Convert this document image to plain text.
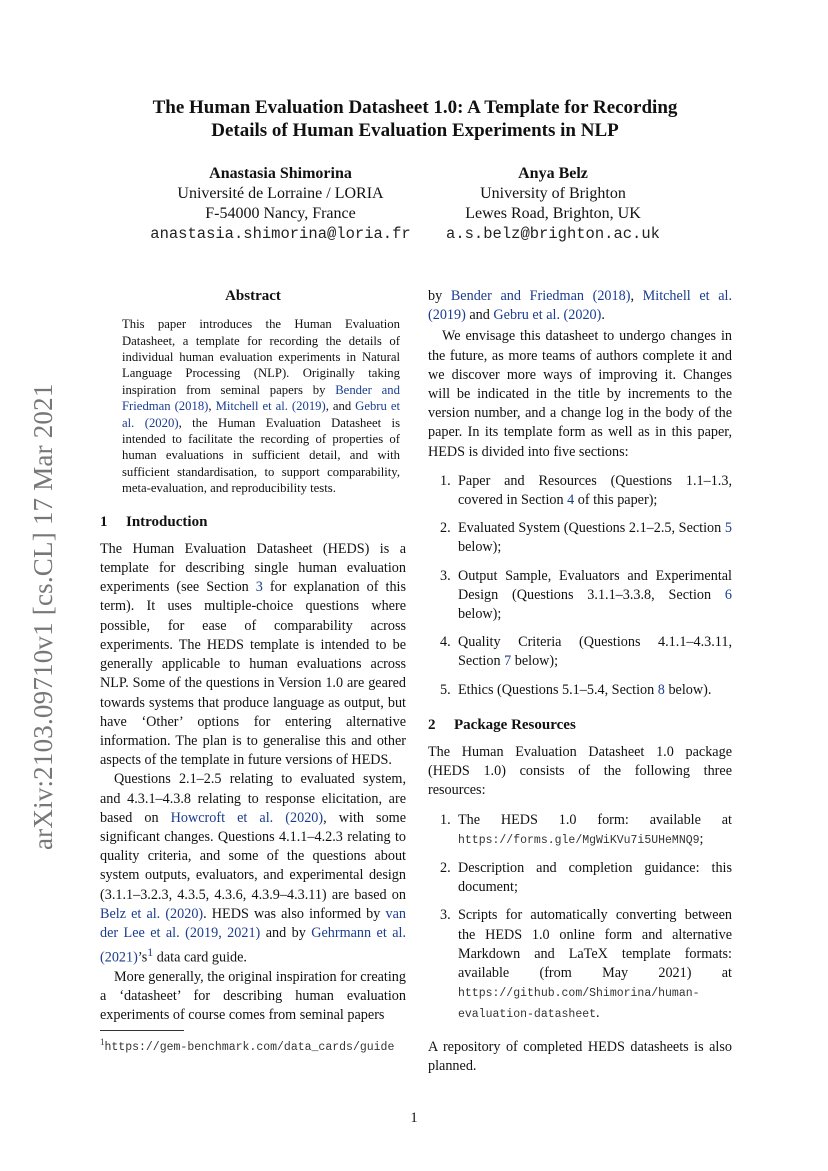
arXiv:2103.09710v1 [cs.CL] 17 Mar 2021
The Human Evaluation Datasheet 1.0: A Template for Recording
Details of Human Evaluation Experiments in NLP
Anastasia Shimorina
Université de Lorraine / LORIA
F-54000 Nancy, France
anastasia.shimorina@loria.fr
Anya Belz
University of Brighton
Lewes Road, Brighton, UK
a.s.belz@brighton.ac.uk
Abstract

This paper introduces the Human Evaluation Datasheet, a template for recording the details of individual human evaluation experiments in Natural Language Processing (NLP). Originally taking inspiration from seminal papers by Bender and Friedman (2018), Mitchell et al. (2019), and Gebru et al. (2020), the Human Evaluation Datasheet is intended to facilitate the recording of properties of human evaluations in sufficient detail, and with sufficient standardisation, to support comparability, meta-evaluation, and reproducibility tests.

1 Introduction

The Human Evaluation Datasheet (HEDS) is a template for describing single human evaluation experiments (see Section 3 for explanation of this term). It uses multiple-choice questions where possible, for ease of comparability across experiments. The HEDS template is intended to be generally applicable to human evaluations across NLP. Some of the questions in Version 1.0 are geared towards systems that produce language as output, but have ‘Other’ options for entering alternative information. The plan is to generalise this and other aspects of the template in future versions of HEDS.

Questions 2.1–2.5 relating to evaluated system, and 4.3.1–4.3.8 relating to response elicitation, are based on Howcroft et al. (2020), with some significant changes. Questions 4.1.1–4.2.3 relating to quality criteria, and some of the questions about system outputs, evaluators, and experimental design (3.1.1–3.2.3, 4.3.5, 4.3.6, 4.3.9–4.3.11) are based on Belz et al. (2020). HEDS was also informed by van der Lee et al. (2019, 2021) and by Gehrmann et al. (2021)’s$^1$ data card guide.

More generally, the original inspiration for creating a ‘datasheet’ for describing human evaluation experiments of course comes from seminal papers

by Bender and Friedman (2018), Mitchell et al. (2019) and Gebru et al. (2020).

We envisage this datasheet to undergo changes in the future, as more teams of authors complete it and we discover more ways of improving it. Changes will be indicated in the title by increments to the version number, and a change log in the body of the paper. In its template form as well as in this paper, HEDS is divided into five sections:

1. Paper and Resources (Questions 1.1–1.3, covered in Section 4 of this paper);
2. Evaluated System (Questions 2.1–2.5, Section 5 below);
3. Output Sample, Evaluators and Experimental Design (Questions 3.1.1–3.3.8, Section 6 below);
4. Quality Criteria (Questions 4.1.1–4.3.11, Section 7 below);
5. Ethics (Questions 5.1–5.4, Section 8 below).
2 Package Resources

The Human Evaluation Datasheet 1.0 package (HEDS 1.0) consists of the following three resources:

1. The HEDS 1.0 form: available at https://forms.gle/MgWiKVu7i5UHeMNQ9;
2. Description and completion guidance: this document;
3. Scripts for automatically converting between the HEDS 1.0 online form and alternative Markdown and LaTeX template formats: available (from May 2021) at https://github.com/Shimorina/human-evaluation-datasheet.

A repository of completed HEDS datasheets is also planned.

$^1$https://gem-benchmark.com/data_cards/guide
1
